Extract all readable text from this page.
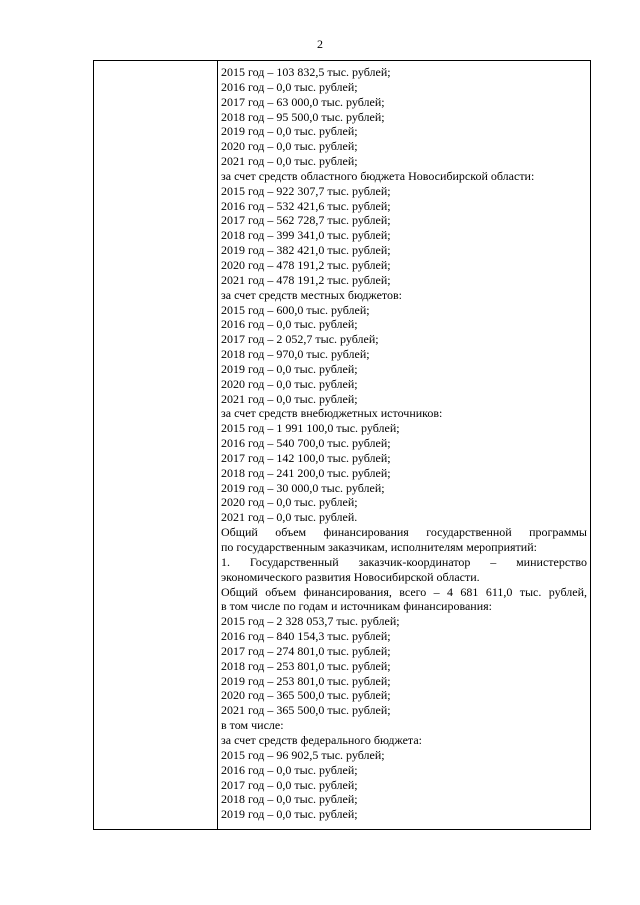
2
2015 год – 103 832,5 тыс. рублей;
2016 год – 0,0 тыс. рублей;
2017 год – 63 000,0 тыс. рублей;
2018 год – 95 500,0 тыс. рублей;
2019 год – 0,0 тыс. рублей;
2020 год – 0,0 тыс. рублей;
2021 год – 0,0 тыс. рублей;
за счет средств областного бюджета Новосибирской области:
2015 год – 922 307,7 тыс. рублей;
2016 год – 532 421,6 тыс. рублей;
2017 год – 562 728,7 тыс. рублей;
2018 год – 399 341,0 тыс. рублей;
2019 год – 382 421,0 тыс. рублей;
2020 год – 478 191,2 тыс. рублей;
2021 год – 478 191,2 тыс. рублей;
за счет средств местных бюджетов:
2015 год – 600,0 тыс. рублей;
2016 год – 0,0 тыс. рублей;
2017 год – 2 052,7 тыс. рублей;
2018 год – 970,0 тыс. рублей;
2019 год – 0,0 тыс. рублей;
2020 год – 0,0 тыс. рублей;
2021 год – 0,0 тыс. рублей;
за счет средств внебюджетных источников:
2015 год – 1 991 100,0 тыс. рублей;
2016 год – 540 700,0 тыс. рублей;
2017 год – 142 100,0 тыс. рублей;
2018 год – 241 200,0 тыс. рублей;
2019 год – 30 000,0 тыс. рублей;
2020 год – 0,0 тыс. рублей;
2021 год – 0,0 тыс. рублей.
Общий объем финансирования государственной программы
по государственным заказчикам, исполнителям мероприятий:
1. Государственный заказчик-координатор – министерство
экономического развития Новосибирской области.
Общий объем финансирования, всего – 4 681 611,0 тыс. рублей,
в том числе по годам и источникам финансирования:
2015 год – 2 328 053,7 тыс. рублей;
2016 год – 840 154,3 тыс. рублей;
2017 год – 274 801,0 тыс. рублей;
2018 год – 253 801,0 тыс. рублей;
2019 год – 253 801,0 тыс. рублей;
2020 год – 365 500,0 тыс. рублей;
2021 год – 365 500,0 тыс. рублей;
в том числе:
за счет средств федерального бюджета:
2015 год – 96 902,5 тыс. рублей;
2016 год – 0,0 тыс. рублей;
2017 год – 0,0 тыс. рублей;
2018 год – 0,0 тыс. рублей;
2019 год – 0,0 тыс. рублей;
